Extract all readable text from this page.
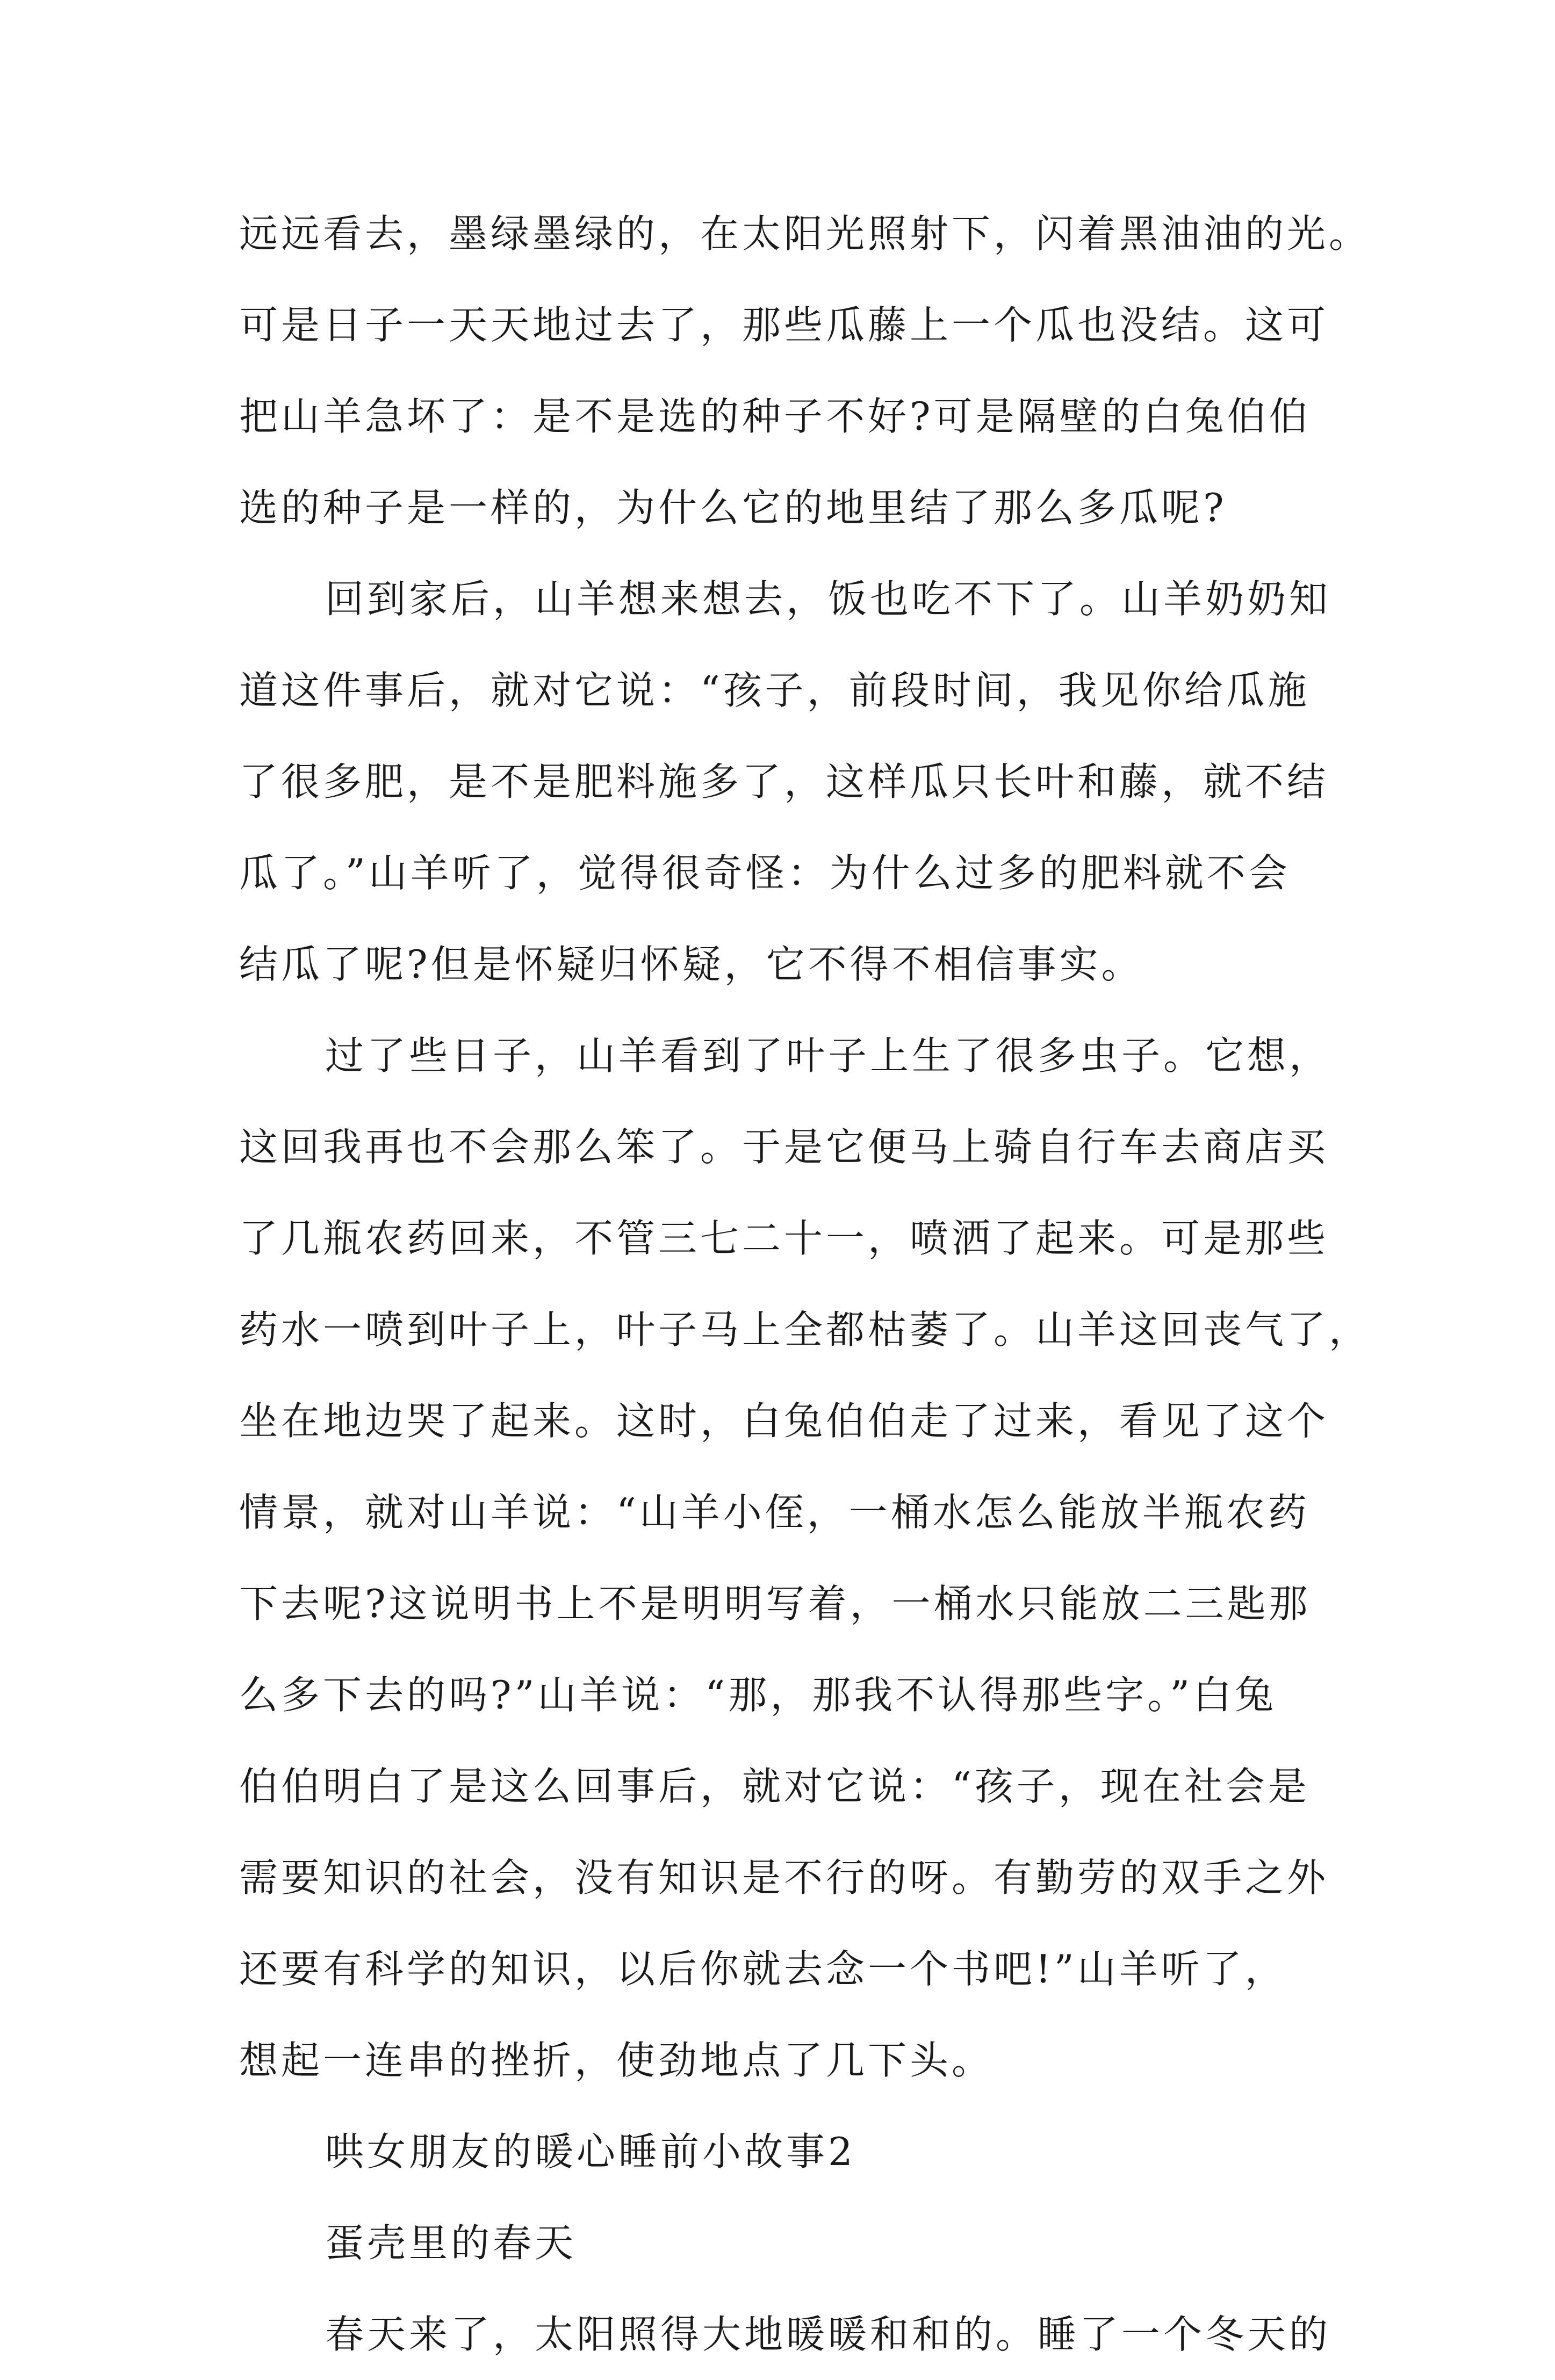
远远看去，墨绿墨绿的，在太阳光照射下，闪着黑油油的光。
可是日子一天天地过去了，那些瓜藤上一个瓜也没结。这可
把山羊急坏了：是不是选的种子不好?可是隔壁的白兔伯伯
选的种子是一样的，为什么它的地里结了那么多瓜呢?
回到家后，山羊想来想去，饭也吃不下了。山羊奶奶知
道这件事后，就对它说：“孩子，前段时间，我见你给瓜施
了很多肥，是不是肥料施多了，这样瓜只长叶和藤，就不结
瓜了。”山羊听了，觉得很奇怪：为什么过多的肥料就不会
结瓜了呢?但是怀疑归怀疑，它不得不相信事实。
过了些日子，山羊看到了叶子上生了很多虫子。它想，
这回我再也不会那么笨了。于是它便马上骑自行车去商店买
了几瓶农药回来，不管三七二十一，喷洒了起来。可是那些
药水一喷到叶子上，叶子马上全都枯萎了。山羊这回丧气了，
坐在地边哭了起来。这时，白兔伯伯走了过来，看见了这个
情景，就对山羊说：“山羊小侄，一桶水怎么能放半瓶农药
下去呢?这说明书上不是明明写着，一桶水只能放二三匙那
么多下去的吗?”山羊说：“那，那我不认得那些字。”白兔
伯伯明白了是这么回事后，就对它说：“孩子，现在社会是
需要知识的社会，没有知识是不行的呀。有勤劳的双手之外
还要有科学的知识，以后你就去念一个书吧!”山羊听了，
想起一连串的挫折，使劲地点了几下头。
哄女朋友的暖心睡前小故事2
蛋壳里的春天
春天来了，太阳照得大地暖暖和和的。睡了一个冬天的
